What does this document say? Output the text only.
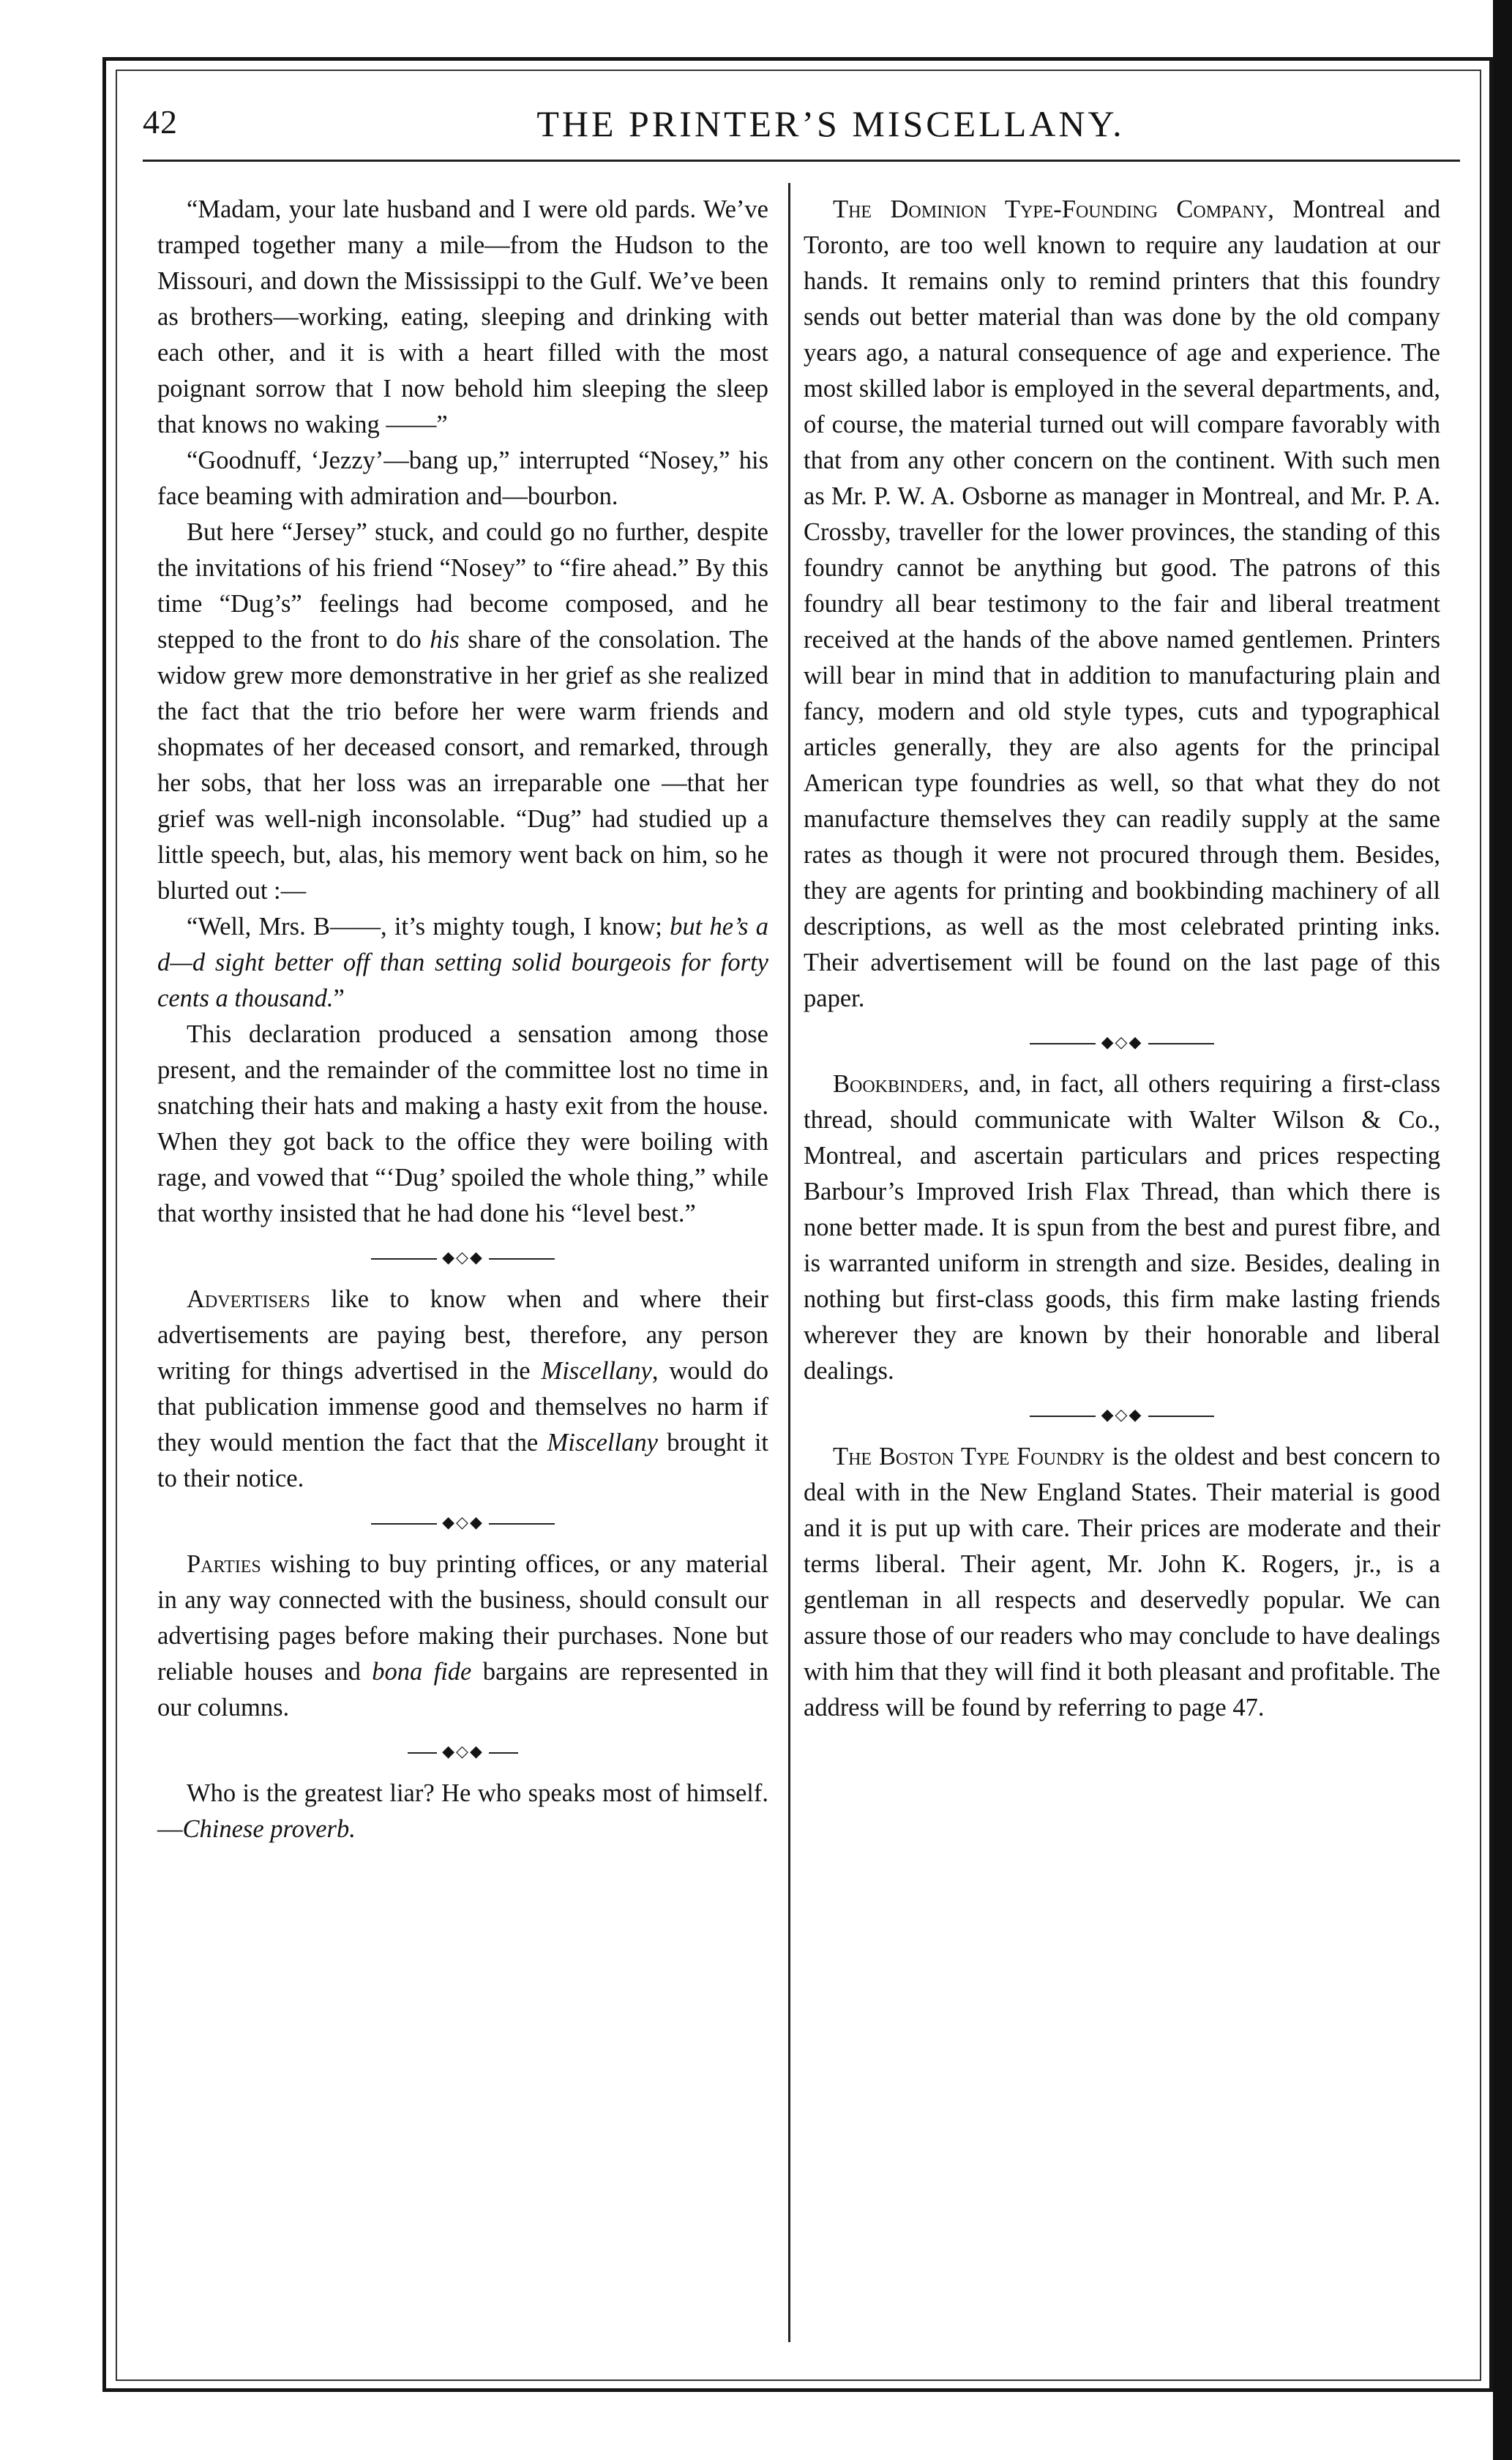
42	THE PRINTER’S MISCELLANY.

“Madam, your late husband and I were old pards. We’ve tramped together many a mile—from the Hudson to the Missouri, and down the Mississippi to the Gulf. We’ve been as brothers—working, eating, sleeping and drinking with each other, and it is with a heart filled with the most poignant sorrow that I now behold him sleeping the sleep that knows no waking ——”

“Goodnuff, ‘Jezzy’—bang up,” interrupted “Nosey,” his face beaming with admiration and—bourbon.

But here “Jersey” stuck, and could go no further, despite the invitations of his friend “Nosey” to “fire ahead.” By this time “Dug’s” feelings had become composed, and he stepped to the front to do his share of the consolation. The widow grew more demonstrative in her grief as she realized the fact that the trio before her were warm friends and shopmates of her deceased consort, and remarked, through her sobs, that her loss was an irreparable one —that her grief was well-nigh inconsolable. “Dug” had studied up a little speech, but, alas, his memory went back on him, so he blurted out :—

“Well, Mrs. B——, it’s mighty tough, I know; but he’s a d—d sight better off than setting solid bourgeois for forty cents a thousand.”

This declaration produced a sensation among those present, and the remainder of the committee lost no time in snatching their hats and making a hasty exit from the house. When they got back to the office they were boiling with rage, and vowed that “‘Dug’ spoiled the whole thing,” while that worthy insisted that he had done his “level best.”

◆◇◆

Advertisers like to know when and where their advertisements are paying best, therefore, any person writing for things advertised in the Miscellany, would do that publication immense good and themselves no harm if they would mention the fact that the Miscellany brought it to their notice.

◆◇◆

Parties wishing to buy printing offices, or any material in any way connected with the business, should consult our advertising pages before making their purchases. None but reliable houses and bona fide bargains are represented in our columns.

◆◇◆

Who is the greatest liar? He who speaks most of himself.—Chinese proverb.

The Dominion Type-Founding Company, Montreal and Toronto, are too well known to require any laudation at our hands. It remains only to remind printers that this foundry sends out better material than was done by the old company years ago, a natural consequence of age and experience. The most skilled labor is employed in the several departments, and, of course, the material turned out will compare favorably with that from any other concern on the continent. With such men as Mr. P. W. A. Osborne as manager in Montreal, and Mr. P. A. Crossby, traveller for the lower provinces, the standing of this foundry cannot be anything but good. The patrons of this foundry all bear testimony to the fair and liberal treatment received at the hands of the above named gentlemen. Printers will bear in mind that in addition to manufacturing plain and fancy, modern and old style types, cuts and typographical articles generally, they are also agents for the principal American type foundries as well, so that what they do not manufacture themselves they can readily supply at the same rates as though it were not procured through them. Besides, they are agents for printing and bookbinding machinery of all descriptions, as well as the most celebrated printing inks. Their advertisement will be found on the last page of this paper.

◆◇◆

Bookbinders, and, in fact, all others requiring a first-class thread, should communicate with Walter Wilson & Co., Montreal, and ascertain particulars and prices respecting Barbour’s Improved Irish Flax Thread, than which there is none better made. It is spun from the best and purest fibre, and is warranted uniform in strength and size. Besides, dealing in nothing but first-class goods, this firm make lasting friends wherever they are known by their honorable and liberal dealings.

◆◇◆

The Boston Type Foundry is the oldest and best concern to deal with in the New England States. Their material is good and it is put up with care. Their prices are moderate and their terms liberal. Their agent, Mr. John K. Rogers, jr., is a gentleman in all respects and deservedly popular. We can assure those of our readers who may conclude to have dealings with him that they will find it both pleasant and profitable. The address will be found by referring to page 47.
